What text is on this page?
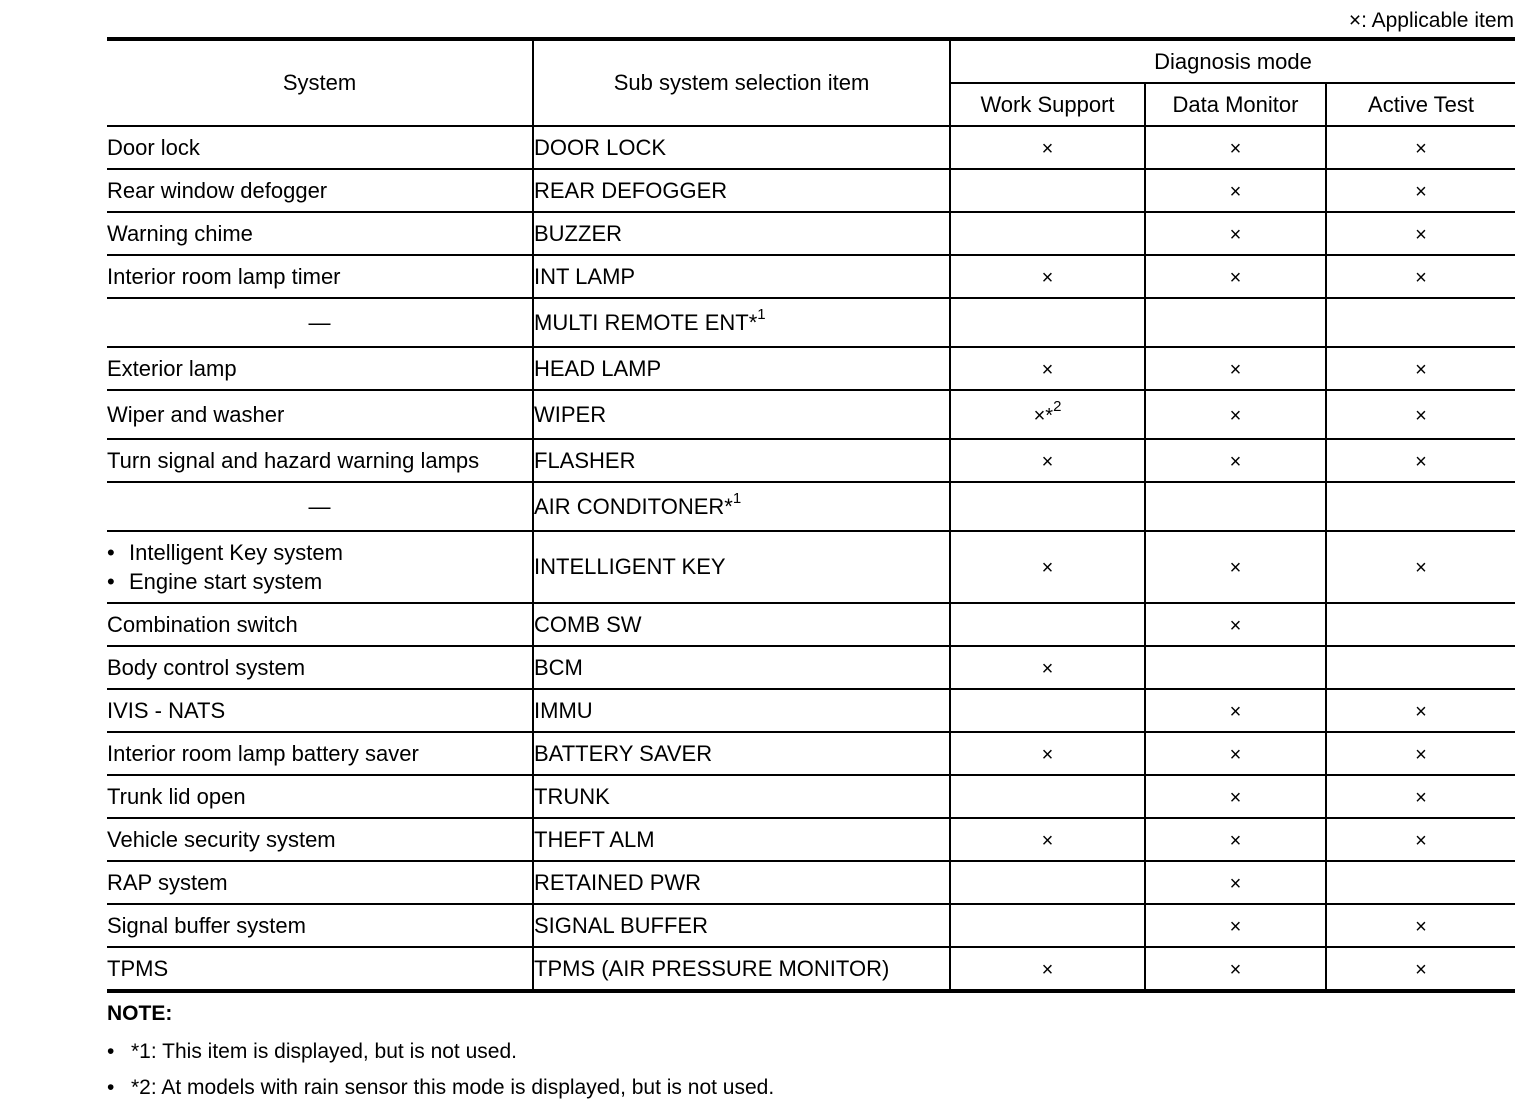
×: Applicable item
System	Sub system selection item	Diagnosis mode		
		Work Support	Data Monitor	Active Test
Door lock	DOOR LOCK	×	×	×
Rear window defogger	REAR DEFOGGER		×	×
Warning chime	BUZZER		×	×
Interior room lamp timer	INT LAMP	×	×	×
—	MULTI REMOTE ENT*$^1$			
Exterior lamp	HEAD LAMP	×	×	×
Wiper and washer	WIPER	×*$^2$	×	×
Turn signal and hazard warning lamps	FLASHER	×	×	×
—	AIR CONDITONER*$^1$			

• Intelligent Key system
• Engine start system	INTELLIGENT KEY	×	×	×
Combination switch	COMB SW		×	
Body control system	BCM	×		
IVIS - NATS	IMMU		×	×
Interior room lamp battery saver	BATTERY SAVER	×	×	×
Trunk lid open	TRUNK		×	×
Vehicle security system	THEFT ALM	×	×	×
RAP system	RETAINED PWR		×	
Signal buffer system	SIGNAL BUFFER		×	×
TPMS	TPMS (AIR PRESSURE MONITOR)	×	×	×
NOTE:
• *1: This item is displayed, but is not used.
• *2: At models with rain sensor this mode is displayed, but is not used.
